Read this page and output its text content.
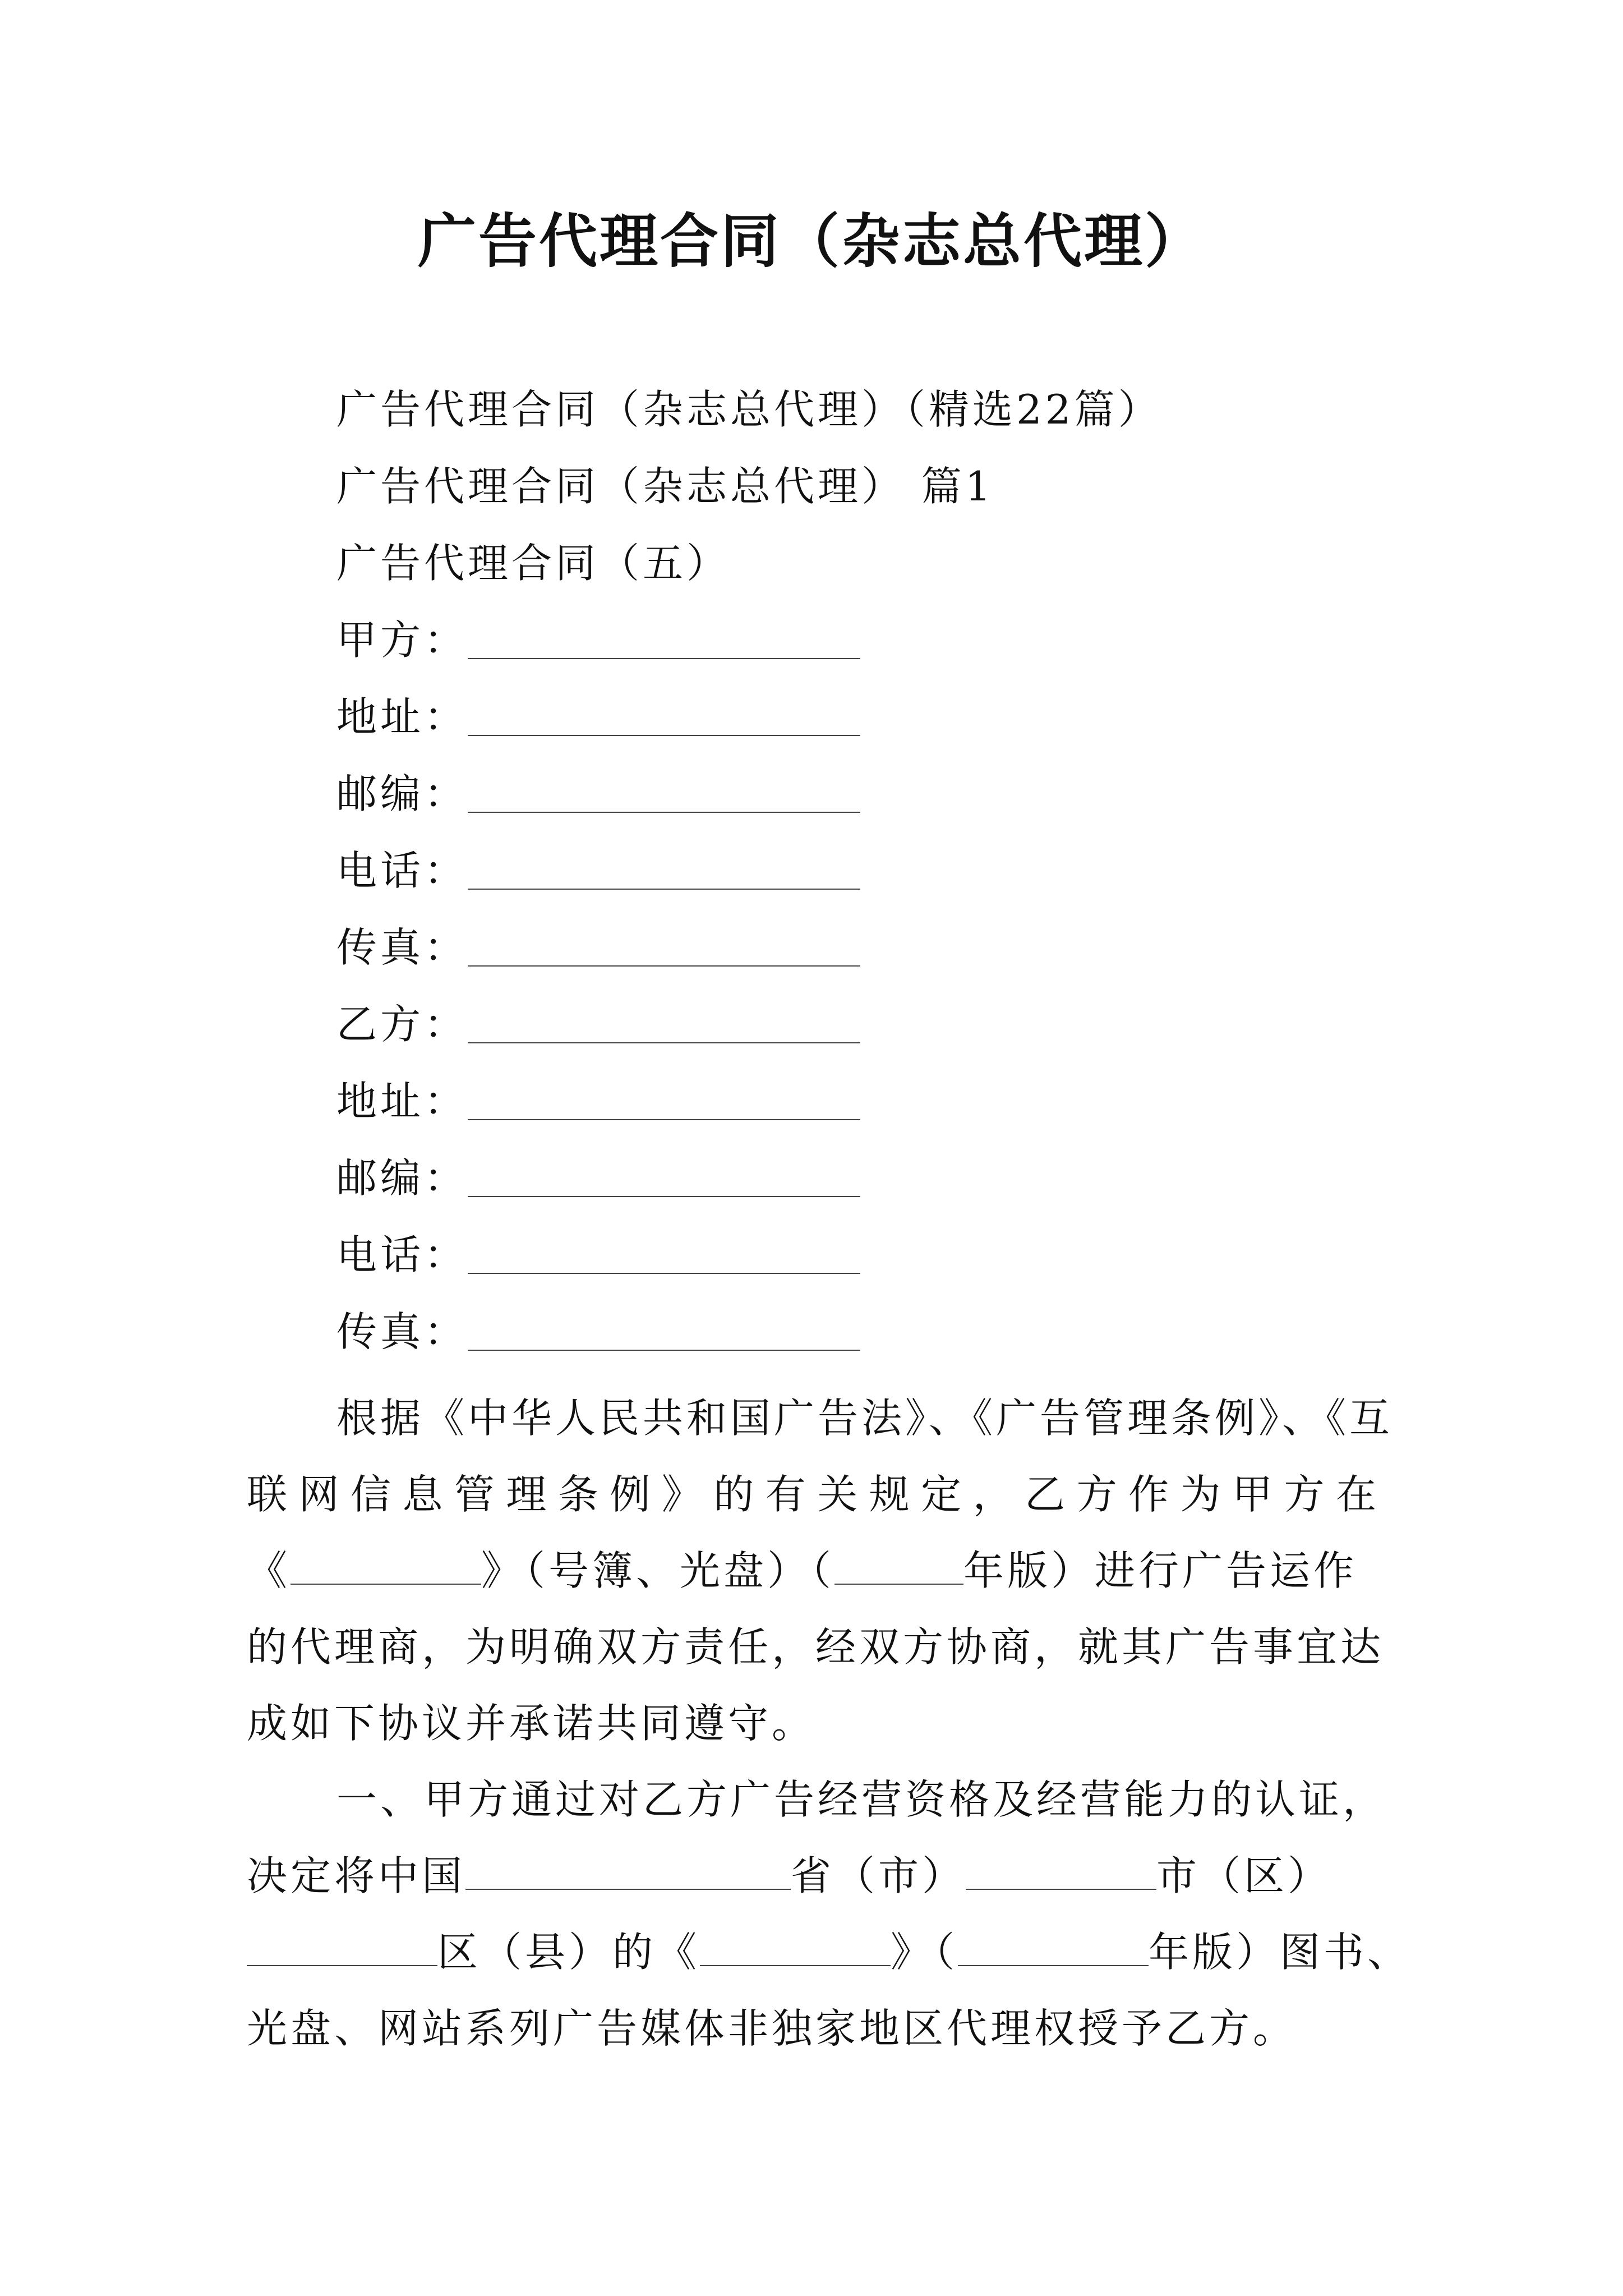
广告代理合同（杂志总代理）
广告代理合同（杂志总代理）（精选22篇）
广告代理合同（杂志总代理） 篇1
广告代理合同（五）
甲方：
地址：
邮编：
电话：
传真：
乙方：
地址：
邮编：
电话：
传真：
根据《中华人民共和国广告法》、《广告管理条例》、《互
联网信息管理条例》的有关规定，乙方作为甲方在
《	》（号簿、光盘）（	年版）进行广告运作
的代理商，为明确双方责任，经双方协商，就其广告事宜达
成如下协议并承诺共同遵守。
一、甲方通过对乙方广告经营资格及经营能力的认证，
决定将中国	省（市）	市（区）
区（县）的《	》（	年版）图书、
光盘、网站系列广告媒体非独家地区代理权授予乙方。
